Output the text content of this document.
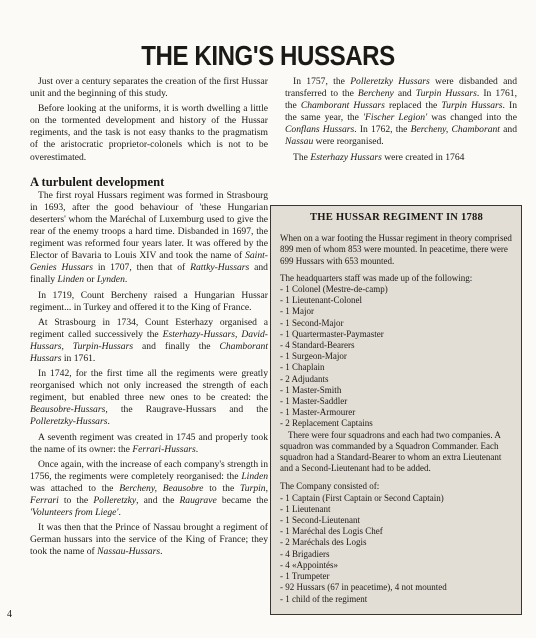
THE KING'S HUSSARS

Just over a century separates the creation of the first Hussar unit and the beginning of this study.

Before looking at the uniforms, it is worth dwelling a little on the tormented development and history of the Hussar regiments, and the task is not easy thanks to the pragmatism of the aristocratic proprietor-colonels which is not to be overestimated.

A turbulent development

The first royal Hussars regiment was formed in Strasbourg in 1693, after the good behaviour of 'these Hungarian deserters' whom the Maréchal of Luxemburg used to give the rear of the enemy troops a hard time. Disbanded in 1697, the regiment was reformed four years later. It was offered by the Elector of Bavaria to Louis XIV and took the name of Saint-Genies Hussars in 1707, then that of Rattky-Hussars and finally Linden or Lynden.

In 1719, Count Bercheny raised a Hungarian Hussar regiment... in Turkey and offered it to the King of France.

At Strasbourg in 1734, Count Esterhazy organised a regiment called successively the Esterhazy-Hussars, David-Hussars, Turpin-Hussars and finally the Chamborant Hussars in 1761.

In 1742, for the first time all the regiments were greatly reorganised which not only increased the strength of each regiment, but enabled three new ones to be created: the Beausobre-Hussars, the Raugrave-Hussars and the Polleretzky-Hussars.

A seventh regiment was created in 1745 and properly took the name of its owner: the Ferrari-Hussars.

Once again, with the increase of each company's strength in 1756, the regiments were completely reorganised: the Linden was attached to the Bercheny, Beausobre to the Turpin, Ferrari to the Polleretzky, and the Raugrave became the 'Volunteers from Liege'.

It was then that the Prince of Nassau brought a regiment of German hussars into the service of the King of France; they took the name of Nassau-Hussars.

In 1757, the Polleretzky Hussars were disbanded and transferred to the Bercheny and Turpin Hussars. In 1761, the Chamborant Hussars replaced the Turpin Hussars. In the same year, the 'Fischer Legion' was changed into the Conflans Hussars. In 1762, the Bercheny, Chamborant and Nassau were reorganised.

The Esterhazy Hussars were created in 1764

THE HUSSAR REGIMENT IN 1788

When on a war footing the Hussar regiment in theory comprised 899 men of whom 853 were mounted. In peacetime, there were 699 Hussars with 653 mounted.

The headquarters staff was made up of the following:

- 1 Colonel (Mestre-de-camp)
- 1 Lieutenant-Colonel
- 1 Major
- 1 Second-Major
- 1 Quartermaster-Paymaster
- 4 Standard-Bearers
- 1 Surgeon-Major
- 1 Chaplain
- 2 Adjudants
- 1 Master-Smith
- 1 Master-Saddler
- 1 Master-Armourer
- 2 Replacement Captains

There were four squadrons and each had two companies. A squadron was commanded by a Squadron Commander. Each squadron had a Standard-Bearer to whom an extra Lieutenant and a Second-Lieutenant had to be added.

The Company consisted of:

- 1 Captain (First Captain or Second Captain)
- 1 Lieutenant
- 1 Second-Lieutenant
- 1 Maréchal des Logis Chef
- 2 Maréchals des Logis
- 4 Brigadiers
- 4 «Appointés»
- 1 Trumpeter
- 92 Hussars (67 in peacetime), 4 not mounted
- 1 child of the regiment
4
